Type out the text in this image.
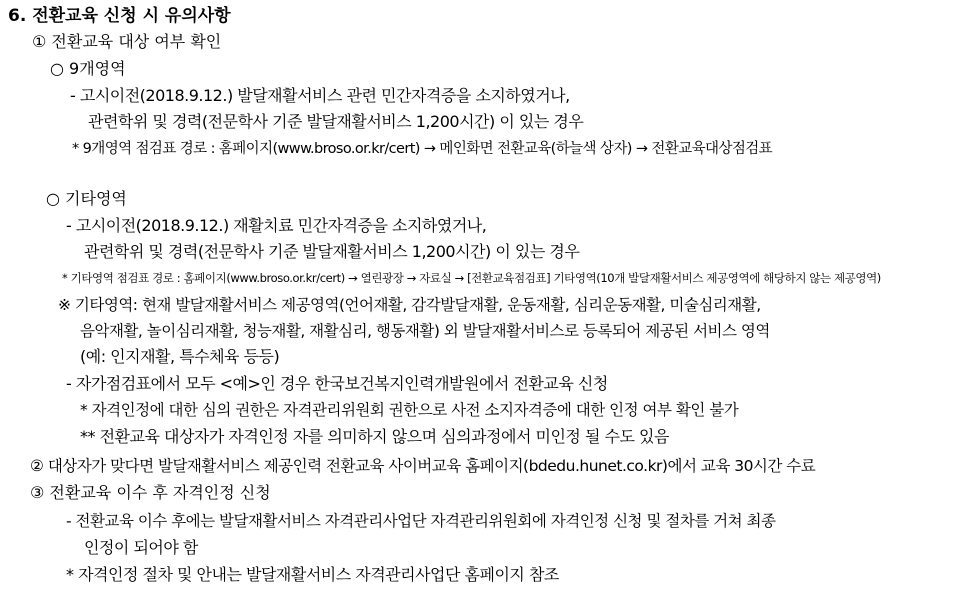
6. 전환교육 신청 시 유의사항
① 전환교육 대상 여부 확인
○ 9개영역
- 고시이전(2018.9.12.) 발달재활서비스 관련 민간자격증을 소지하였거나,
관련학위 및 경력(전문학사 기준 발달재활서비스 1,200시간) 이 있는 경우
* 9개영역 점검표 경로 : 홈페이지(www.broso.or.kr/cert) → 메인화면 전환교육(하늘색 상자) → 전환교육대상점검표
○ 기타영역
- 고시이전(2018.9.12.) 재활치료 민간자격증을 소지하였거나,
관련학위 및 경력(전문학사 기준 발달재활서비스 1,200시간) 이 있는 경우
* 기타영역 점검표 경로 : 홈페이지(www.broso.or.kr/cert) → 열린광장 → 자료실 → [전환교육점검표] 기타영역(10개 발달재활서비스 제공영역에 해당하지 않는 제공영역)
※ 기타영역: 현재 발달재활서비스 제공영역(언어재활, 감각발달재활, 운동재활, 심리운동재활, 미술심리재활,
음악재활, 놀이심리재활, 청능재활, 재활심리, 행동재활) 외 발달재활서비스로 등록되어 제공된 서비스 영역
(예: 인지재활, 특수체육 등등)
- 자가점검표에서 모두 <예>인 경우 한국보건복지인력개발원에서 전환교육 신청
* 자격인정에 대한 심의 권한은 자격관리위원회 권한으로 사전 소지자격증에 대한 인정 여부 확인 불가
** 전환교육 대상자가 자격인정 자를 의미하지 않으며 심의과정에서 미인정 될 수도 있음
② 대상자가 맞다면 발달재활서비스 제공인력 전환교육 사이버교육 홈페이지(bdedu.hunet.co.kr)에서 교육 30시간 수료
③ 전환교육 이수 후 자격인정 신청
- 전환교육 이수 후에는 발달재활서비스 자격관리사업단 자격관리위원회에 자격인정 신청 및 절차를 거쳐 최종
인정이 되어야 함
* 자격인정 절차 및 안내는 발달재활서비스 자격관리사업단 홈페이지 참조
